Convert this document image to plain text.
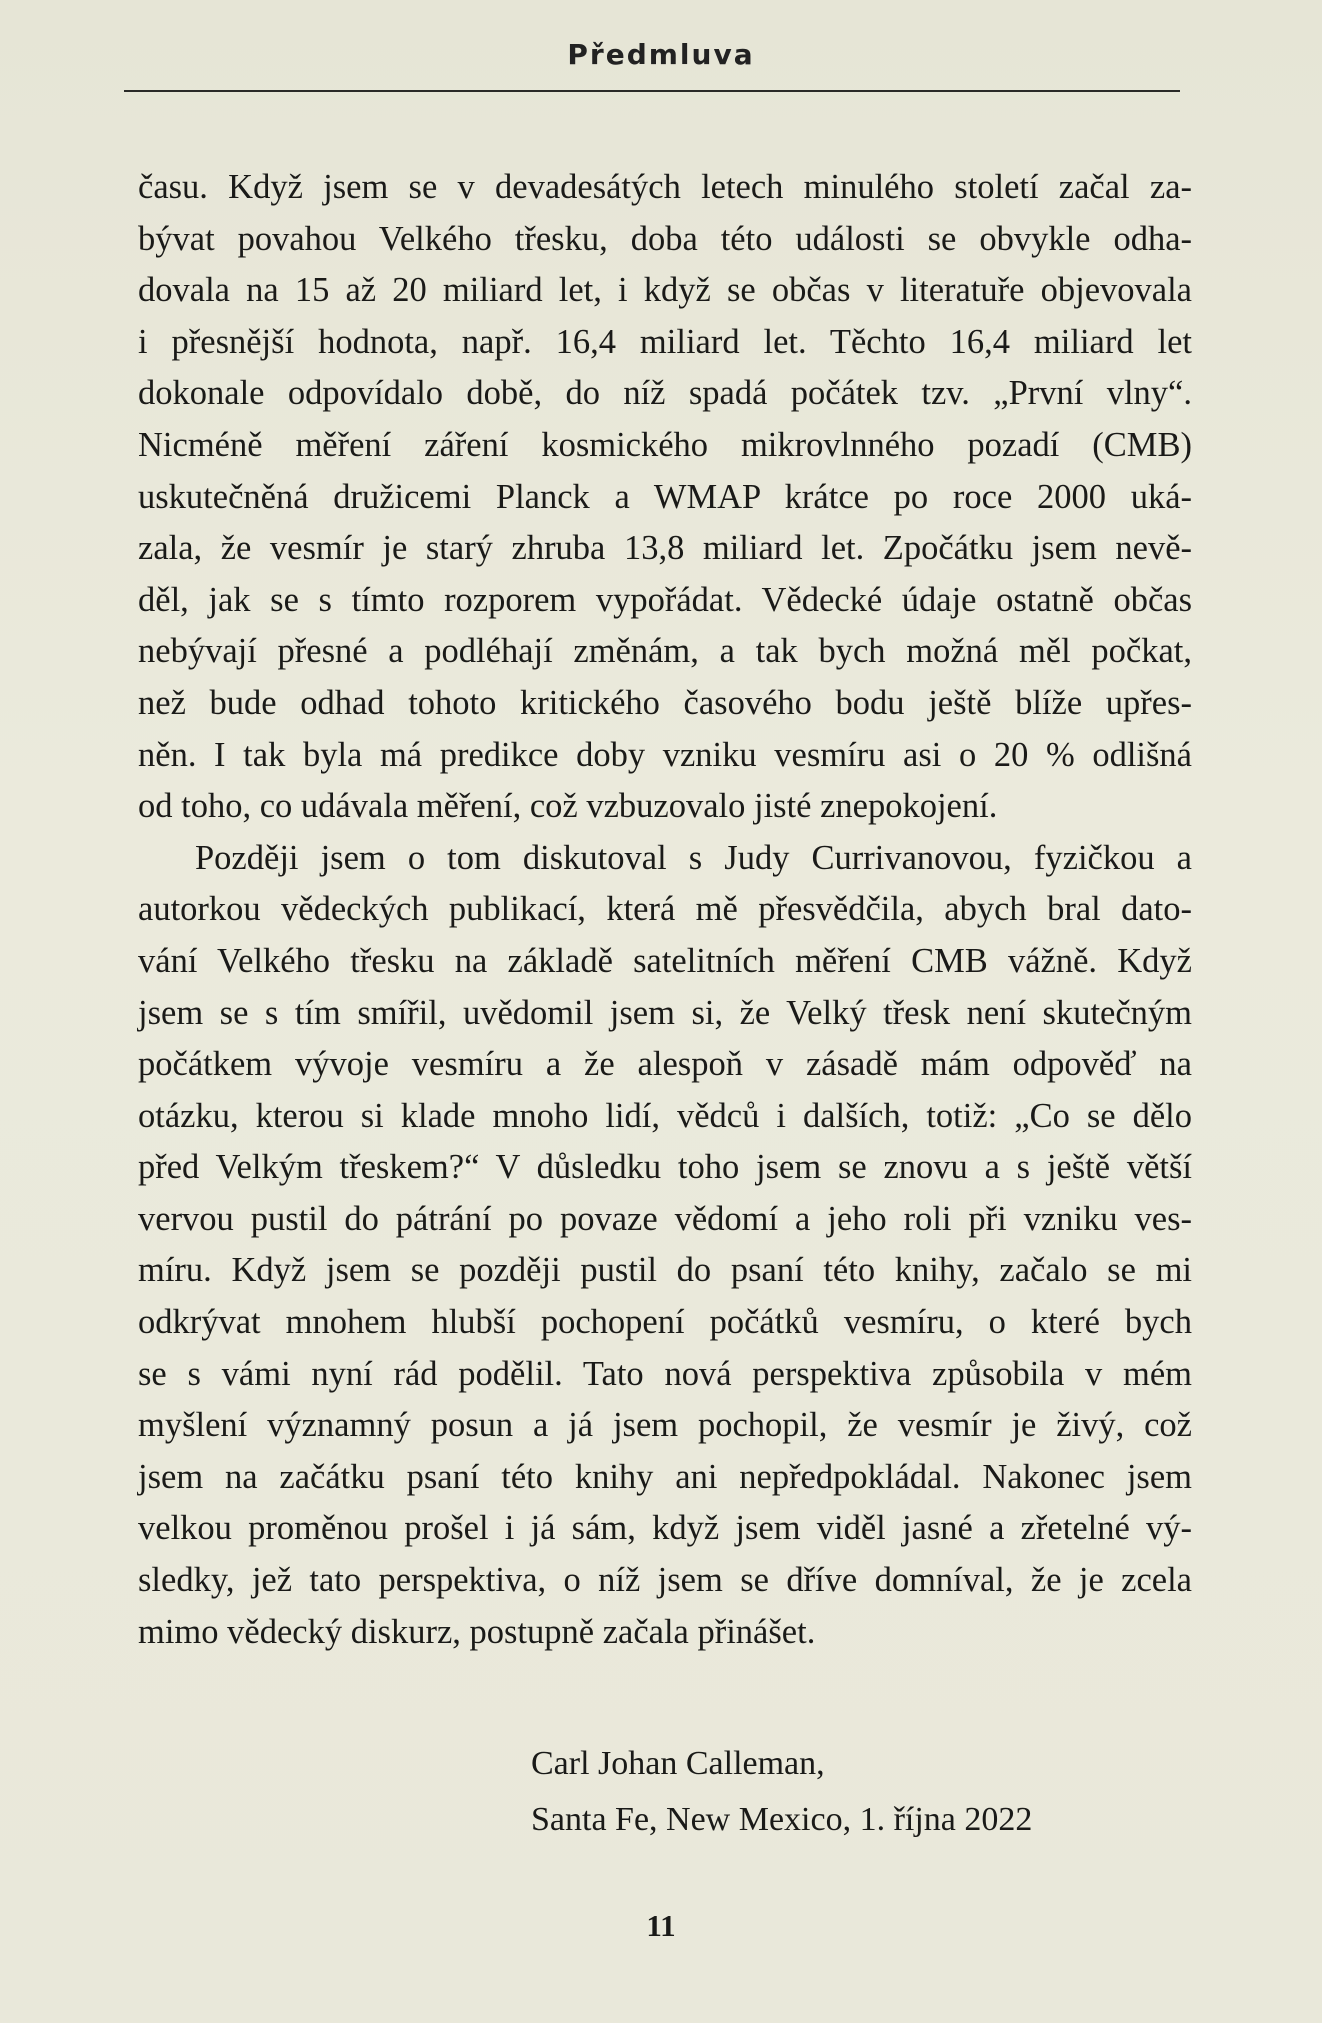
Předmluva
času. Když jsem se v devadesátých letech minulého století začal za-
bývat povahou Velkého třesku, doba této události se obvykle odha-
dovala na 15 až 20 miliard let, i když se občas v literatuře objevovala
i přesnější hodnota, např. 16,4 miliard let. Těchto 16,4 miliard let
dokonale odpovídalo době, do níž spadá počátek tzv. „První vlny“.
Nicméně měření záření kosmického mikrovlnného pozadí (CMB)
uskutečněná družicemi Planck a WMAP krátce po roce 2000 uká-
zala, že vesmír je starý zhruba 13,8 miliard let. Zpočátku jsem nevě-
děl, jak se s tímto rozporem vypořádat. Vědecké údaje ostatně občas
nebývají přesné a podléhají změnám, a tak bych možná měl počkat,
než bude odhad tohoto kritického časového bodu ještě blíže upřes-
něn. I tak byla má predikce doby vzniku vesmíru asi o 20 % odlišná
od toho, co udávala měření, což vzbuzovalo jisté znepokojení.
Později jsem o tom diskutoval s Judy Currivanovou, fyzičkou a
autorkou vědeckých publikací, která mě přesvědčila, abych bral dato-
vání Velkého třesku na základě satelitních měření CMB vážně. Když
jsem se s tím smířil, uvědomil jsem si, že Velký třesk není skutečným
počátkem vývoje vesmíru a že alespoň v zásadě mám odpověď na
otázku, kterou si klade mnoho lidí, vědců i dalších, totiž: „Co se dělo
před Velkým třeskem?“ V důsledku toho jsem se znovu a s ještě větší
vervou pustil do pátrání po povaze vědomí a jeho roli při vzniku ves-
míru. Když jsem se později pustil do psaní této knihy, začalo se mi
odkrývat mnohem hlubší pochopení počátků vesmíru, o které bych
se s vámi nyní rád podělil. Tato nová perspektiva způsobila v mém
myšlení významný posun a já jsem pochopil, že vesmír je živý, což
jsem na začátku psaní této knihy ani nepředpokládal. Nakonec jsem
velkou proměnou prošel i já sám, když jsem viděl jasné a zřetelné vý-
sledky, jež tato perspektiva, o níž jsem se dříve domníval, že je zcela
mimo vědecký diskurz, postupně začala přinášet.
Carl Johan Calleman,
Santa Fe, New Mexico, 1. října 2022
11
